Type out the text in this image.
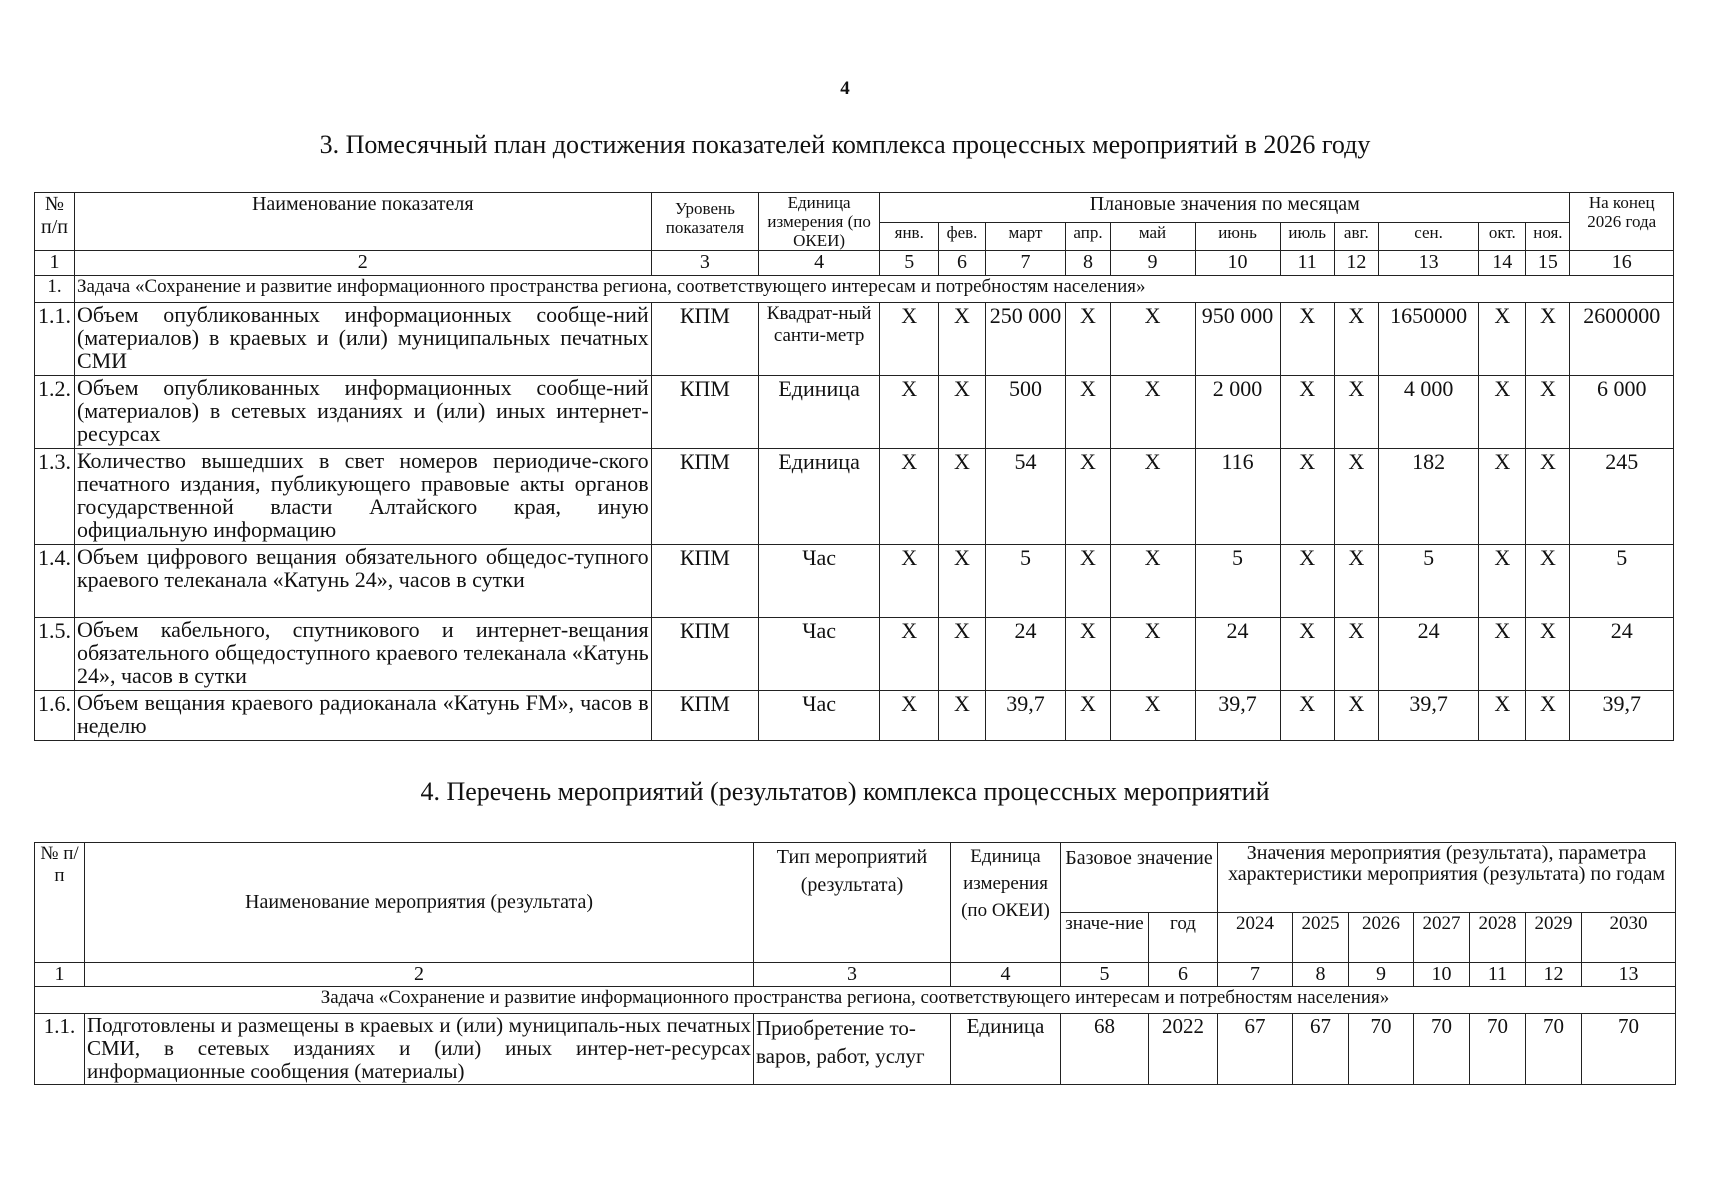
4
3. Помесячный план достижения показателей комплекса процессных мероприятий в 2026 году
№ п/п	Наименование показателя	Уровень показателя	Единица измерения (по ОКЕИ)	Плановые значения по месяцам											На конец 2026 года
				янв.	фев.	март	апр.	май	июнь	июль	авг.	сен.	окт.	ноя.	
1	2	3	4	5	6	7	8	9	10	11	12	13	14	15	16
1.	Задача «Сохранение и развитие информационного пространства региона, соответствующего интересам и потребностям населения»														
1.1.	Объем опубликованных информационных сообще-ний (материалов) в краевых и (или) муниципальных печатных СМИ	КПМ	Квадрат-ный санти-метр	X	X	250 000	X	X	950 000	X	X	1650000	X	X	2600000
1.2.	Объем опубликованных информационных сообще-ний (материалов) в сетевых изданиях и (или) иных интернет-ресурсах	КПМ	Единица	X	X	500	X	X	2 000	X	X	4 000	X	X	6 000
1.3.	Количество вышедших в свет номеров периодиче-ского печатного издания, публикующего правовые акты органов государственной власти Алтайского края, иную официальную информацию	КПМ	Единица	X	X	54	X	X	116	X	X	182	X	X	245
1.4.	Объем цифрового вещания обязательного общедос-тупного краевого телеканала «Катунь 24», часов в сутки	КПМ	Час	X	X	5	X	X	5	X	X	5	X	X	5
1.5.	Объем кабельного, спутникового и интернет-вещания обязательного общедоступного краевого телеканала «Катунь 24», часов в сутки	КПМ	Час	X	X	24	X	X	24	X	X	24	X	X	24
1.6.	Объем вещания краевого радиоканала «Катунь FM», часов в неделю	КПМ	Час	X	X	39,7	X	X	39,7	X	X	39,7	X	X	39,7
4. Перечень мероприятий (результатов) комплекса процессных мероприятий
№ п/п	Наименование мероприятия (результата)	Тип мероприятий (результата)	Единица измерения (по ОКЕИ)	Базовое значение		Значения мероприятия (результата), параметра характеристики мероприятия (результата) по годам						
				значе-ние	год	2024	2025	2026	2027	2028	2029	2030
1	2	3	4	5	6	7	8	9	10	11	12	13
Задача «Сохранение и развитие информационного пространства региона, соответствующего интересам и потребностям населения»												
1.1.	Подготовлены и размещены в краевых и (или) муниципаль-ных печатных СМИ, в сетевых изданиях и (или) иных интер-нет-ресурсах информационные сообщения (материалы)	Приобретение то-варов, работ, услуг	Единица	68	2022	67	67	70	70	70	70	70
